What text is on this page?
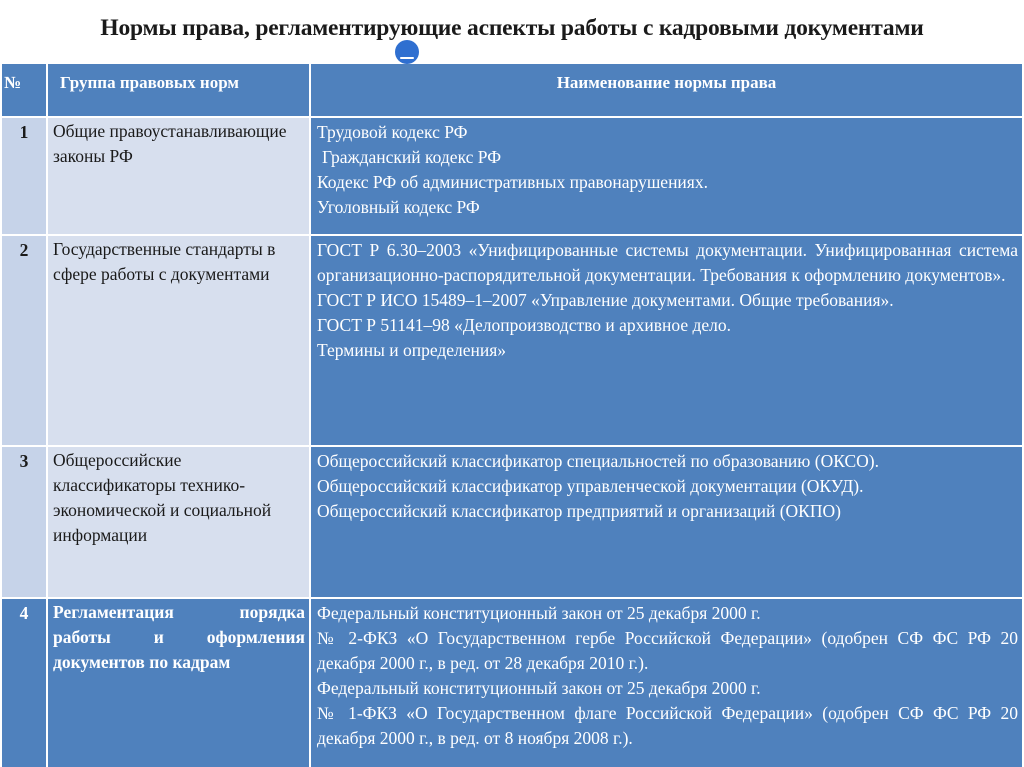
Нормы права, регламентирующие аспекты работы с кадровыми документами
№	Группа правовых норм	Наименование нормы права

1	Общие правоустанавливающие законы РФ	Трудовой кодекс РФ
Гражданский кодекс РФ
Кодекс РФ об административных правонарушениях.
Уголовный кодекс РФ

2	Государственные стандарты в сфере работы с документами	ГОСТ Р 6.30–2003 «Унифицированные системы документации. Унифицированная система организационно-распорядительной документации. Требования к оформлению документов».
ГОСТ Р ИСО 15489–1–2007 «Управление документами. Общие требования».
ГОСТ Р 51141–98 «Делопроизводство и архивное дело.
Термины и определения»

3	Общероссийские классификаторы технико-экономической и социальной информации	Общероссийский классификатор специальностей по образованию (ОКСО).
Общероссийский классификатор управленческой документации (ОКУД).
Общероссийский классификатор предприятий и организаций (ОКПО)

4	Регламентация порядка работы и оформления документов по кадрам	Федеральный конституционный закон от 25 декабря 2000 г.
№ 2-ФКЗ «О Государственном гербе Российской Федерации» (одобрен СФ ФС РФ 20 декабря 2000 г., в ред. от 28 декабря 2010 г.).
Федеральный конституционный закон от 25 декабря 2000 г.
№ 1-ФКЗ «О Государственном флаге Российской Федерации» (одобрен СФ ФС РФ 20 декабря 2000 г., в ред. от 8 ноября 2008 г.).
